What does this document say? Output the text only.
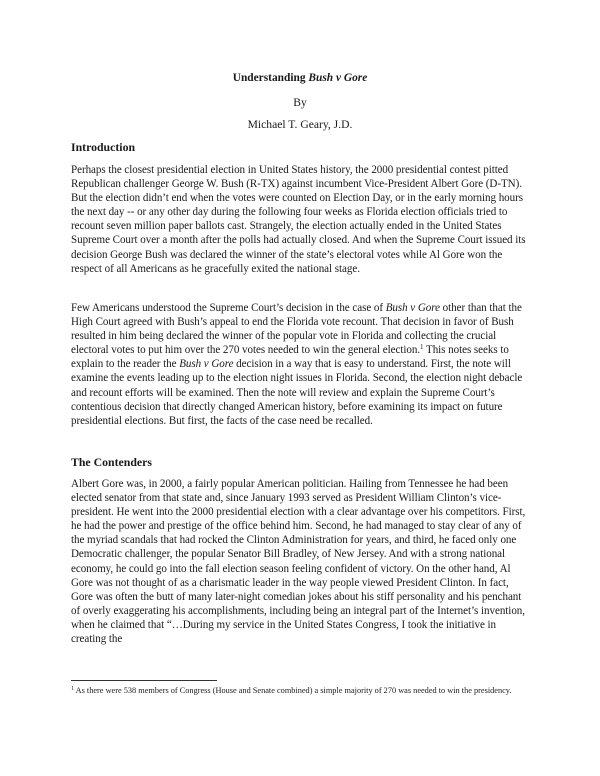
Understanding Bush v Gore
By
Michael T. Geary, J.D.
Introduction
Perhaps the closest presidential election in United States history, the 2000 presidential contest pitted Republican challenger George W. Bush (R-TX) against incumbent Vice-President Albert Gore (D-TN). But the election didn’t end when the votes were counted on Election Day, or in the early morning hours the next day -- or any other day during the following four weeks as Florida election officials tried to recount seven million paper ballots cast. Strangely, the election actually ended in the United States Supreme Court over a month after the polls had actually closed. And when the Supreme Court issued its decision George Bush was declared the winner of the state’s electoral votes while Al Gore won the respect of all Americans as he gracefully exited the national stage.
Few Americans understood the Supreme Court’s decision in the case of Bush v Gore other than that the High Court agreed with Bush’s appeal to end the Florida vote recount. That decision in favor of Bush resulted in him being declared the winner of the popular vote in Florida and collecting the crucial electoral votes to put him over the 270 votes needed to win the general election.$^1$ This notes seeks to explain to the reader the Bush v Gore decision in a way that is easy to understand. First, the note will examine the events leading up to the election night issues in Florida. Second, the election night debacle and recount efforts will be examined. Then the note will review and explain the Supreme Court’s contentious decision that directly changed American history, before examining its impact on future presidential elections. But first, the facts of the case need be recalled.
The Contenders
Albert Gore was, in 2000, a fairly popular American politician. Hailing from Tennessee he had been elected senator from that state and, since January 1993 served as President William Clinton’s vice-president. He went into the 2000 presidential election with a clear advantage over his competitors. First, he had the power and prestige of the office behind him. Second, he had managed to stay clear of any of the myriad scandals that had rocked the Clinton Administration for years, and third, he faced only one Democratic challenger, the popular Senator Bill Bradley, of New Jersey. And with a strong national economy, he could go into the fall election season feeling confident of victory. On the other hand, Al Gore was not thought of as a charismatic leader in the way people viewed President Clinton. In fact, Gore was often the butt of many later-night comedian jokes about his stiff personality and his penchant of overly exaggerating his accomplishments, including being an integral part of the Internet’s invention, when he claimed that “…During my service in the United States Congress, I took the initiative in creating the
$^1$ As there were 538 members of Congress (House and Senate combined) a simple majority of 270 was needed to win the presidency.
